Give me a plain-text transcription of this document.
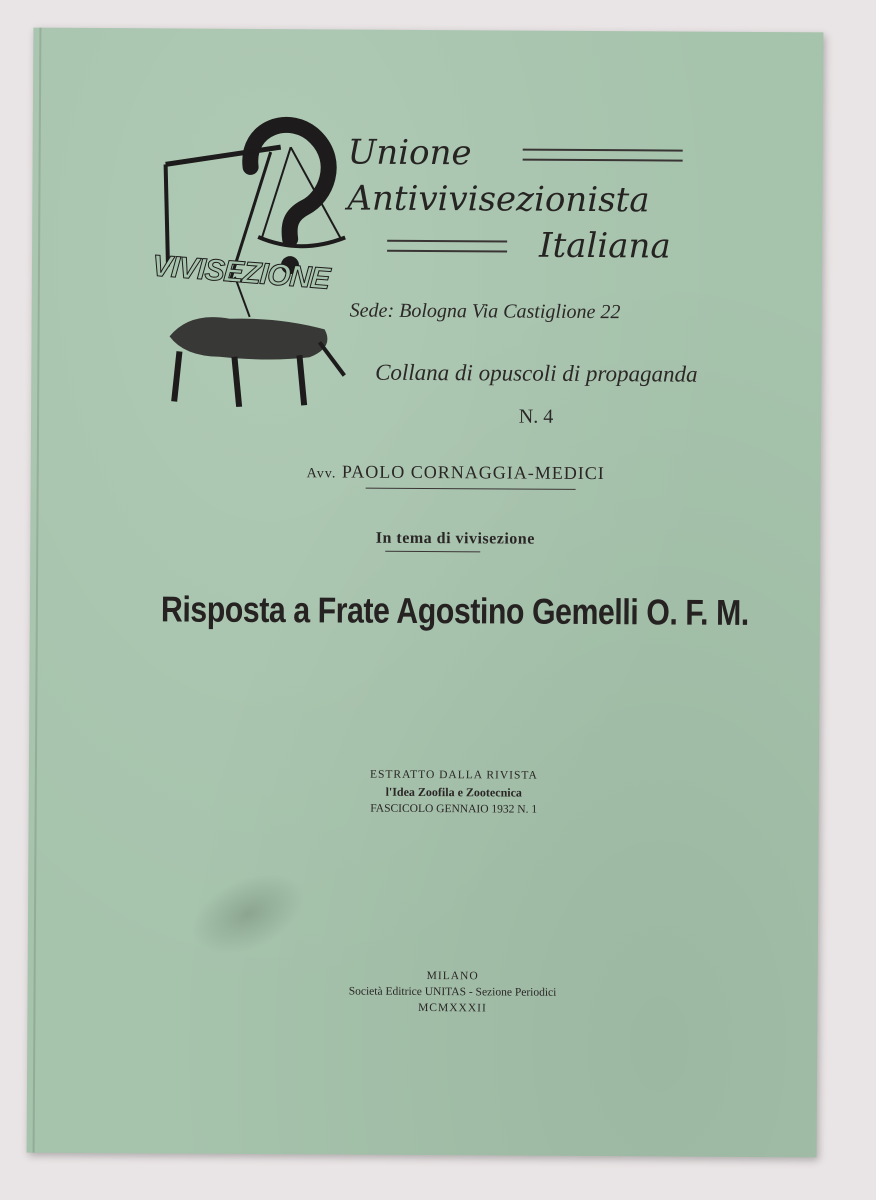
VIVISEZIONE
Unione
Antivivisezionista
Italiana
Sede: Bologna Via Castiglione 22
Collana di opuscoli di propaganda
N. 4
Avv. PAOLO CORNAGGIA-MEDICI
In tema di vivisezione
Risposta a Frate Agostino Gemelli O. F. M.
ESTRATTO DALLA RIVISTA
l'Idea Zoofila e Zootecnica
FASCICOLO GENNAIO 1932 N. 1
MILANO
Società Editrice UNITAS - Sezione Periodici
MCMXXXII
